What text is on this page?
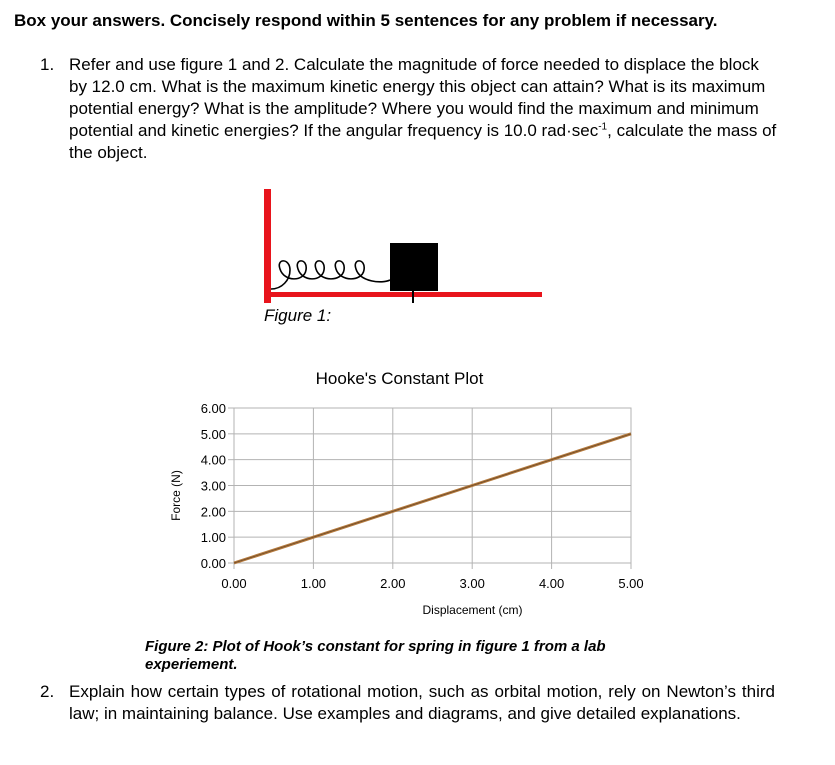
Box your answers. Concisely respond within 5 sentences for any problem if necessary.
1. Refer and use figure 1 and 2. Calculate the magnitude of force needed to displace the block by 12.0 cm. What is the maximum kinetic energy this object can attain? What is its maximum potential energy? What is the amplitude? Where you would find the maximum and minimum potential and kinetic energies? If the angular frequency is 10.0 $rad\cdot\sec^{-1}$, calculate the mass of the object.
Figure 1:
0.00
1.00
2.00
3.00
4.00
5.00
6.00
0.00	1.00	2.00	3.00	4.00	5.00
Hooke's Constant Plot
Displacement (cm)
Force (N)
Figure 2: Plot of Hook’s constant for spring in figure 1 from a lab experiement.
2. Explain how certain types of rotational motion, such as orbital motion, rely on Newton’s third law; in maintaining balance. Use examples and diagrams, and give detailed explanations.
